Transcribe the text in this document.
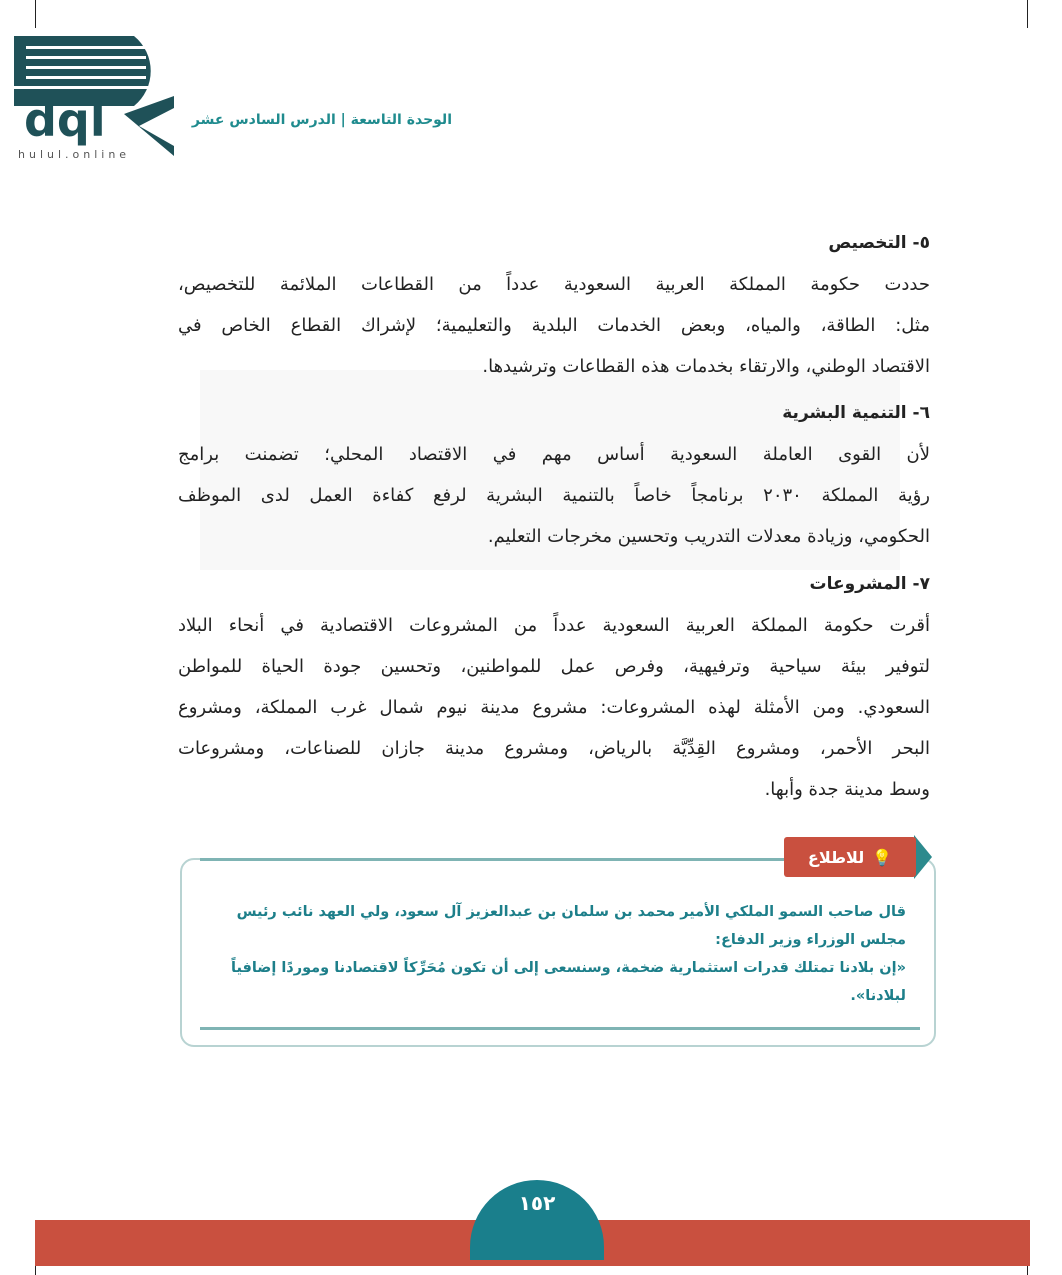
dql
hulul.online
الوحدة التاسعة | الدرس السادس عشر
٥- التخصيص
حددت حكومة المملكة العربية السعودية عدداً من القطاعات الملائمة للتخصيص،
مثل: الطاقة، والمياه، وبعض الخدمات البلدية والتعليمية؛ لإشراك القطاع الخاص في
الاقتصاد الوطني، والارتقاء بخدمات هذه القطاعات وترشيدها.
٦- التنمية البشرية
لأن القوى العاملة السعودية أساس مهم في الاقتصاد المحلي؛ تضمنت برامج
رؤية المملكة ٢٠٣٠ برنامجاً خاصاً بالتنمية البشرية لرفع كفاءة العمل لدى الموظف
الحكومي، وزيادة معدلات التدريب وتحسين مخرجات التعليم.
٧- المشروعات
أقرت حكومة المملكة العربية السعودية عدداً من المشروعات الاقتصادية في أنحاء البلاد
لتوفير بيئة سياحية وترفيهية، وفرص عمل للمواطنين، وتحسين جودة الحياة للمواطن
السعودي. ومن الأمثلة لهذه المشروعات: مشروع مدينة نيوم شمال غرب المملكة، ومشروع
البحر الأحمر، ومشروع القِدِّيَّة بالرياض، ومشروع مدينة جازان للصناعات، ومشروعات
وسط مدينة جدة وأبها.
💡
للاطلاع
قال صاحب السمو الملكي الأمير محمد بن سلمان بن عبدالعزيز آل سعود، ولي العهد نائب رئيس مجلس الوزراء وزير الدفاع:
«إن بلادنا تمتلك قدرات استثمارية ضخمة، وسنسعى إلى أن تكون مُحَرِّكاً لاقتصادنا وموردًا إضافياً لبلادنا».
١٥٢
